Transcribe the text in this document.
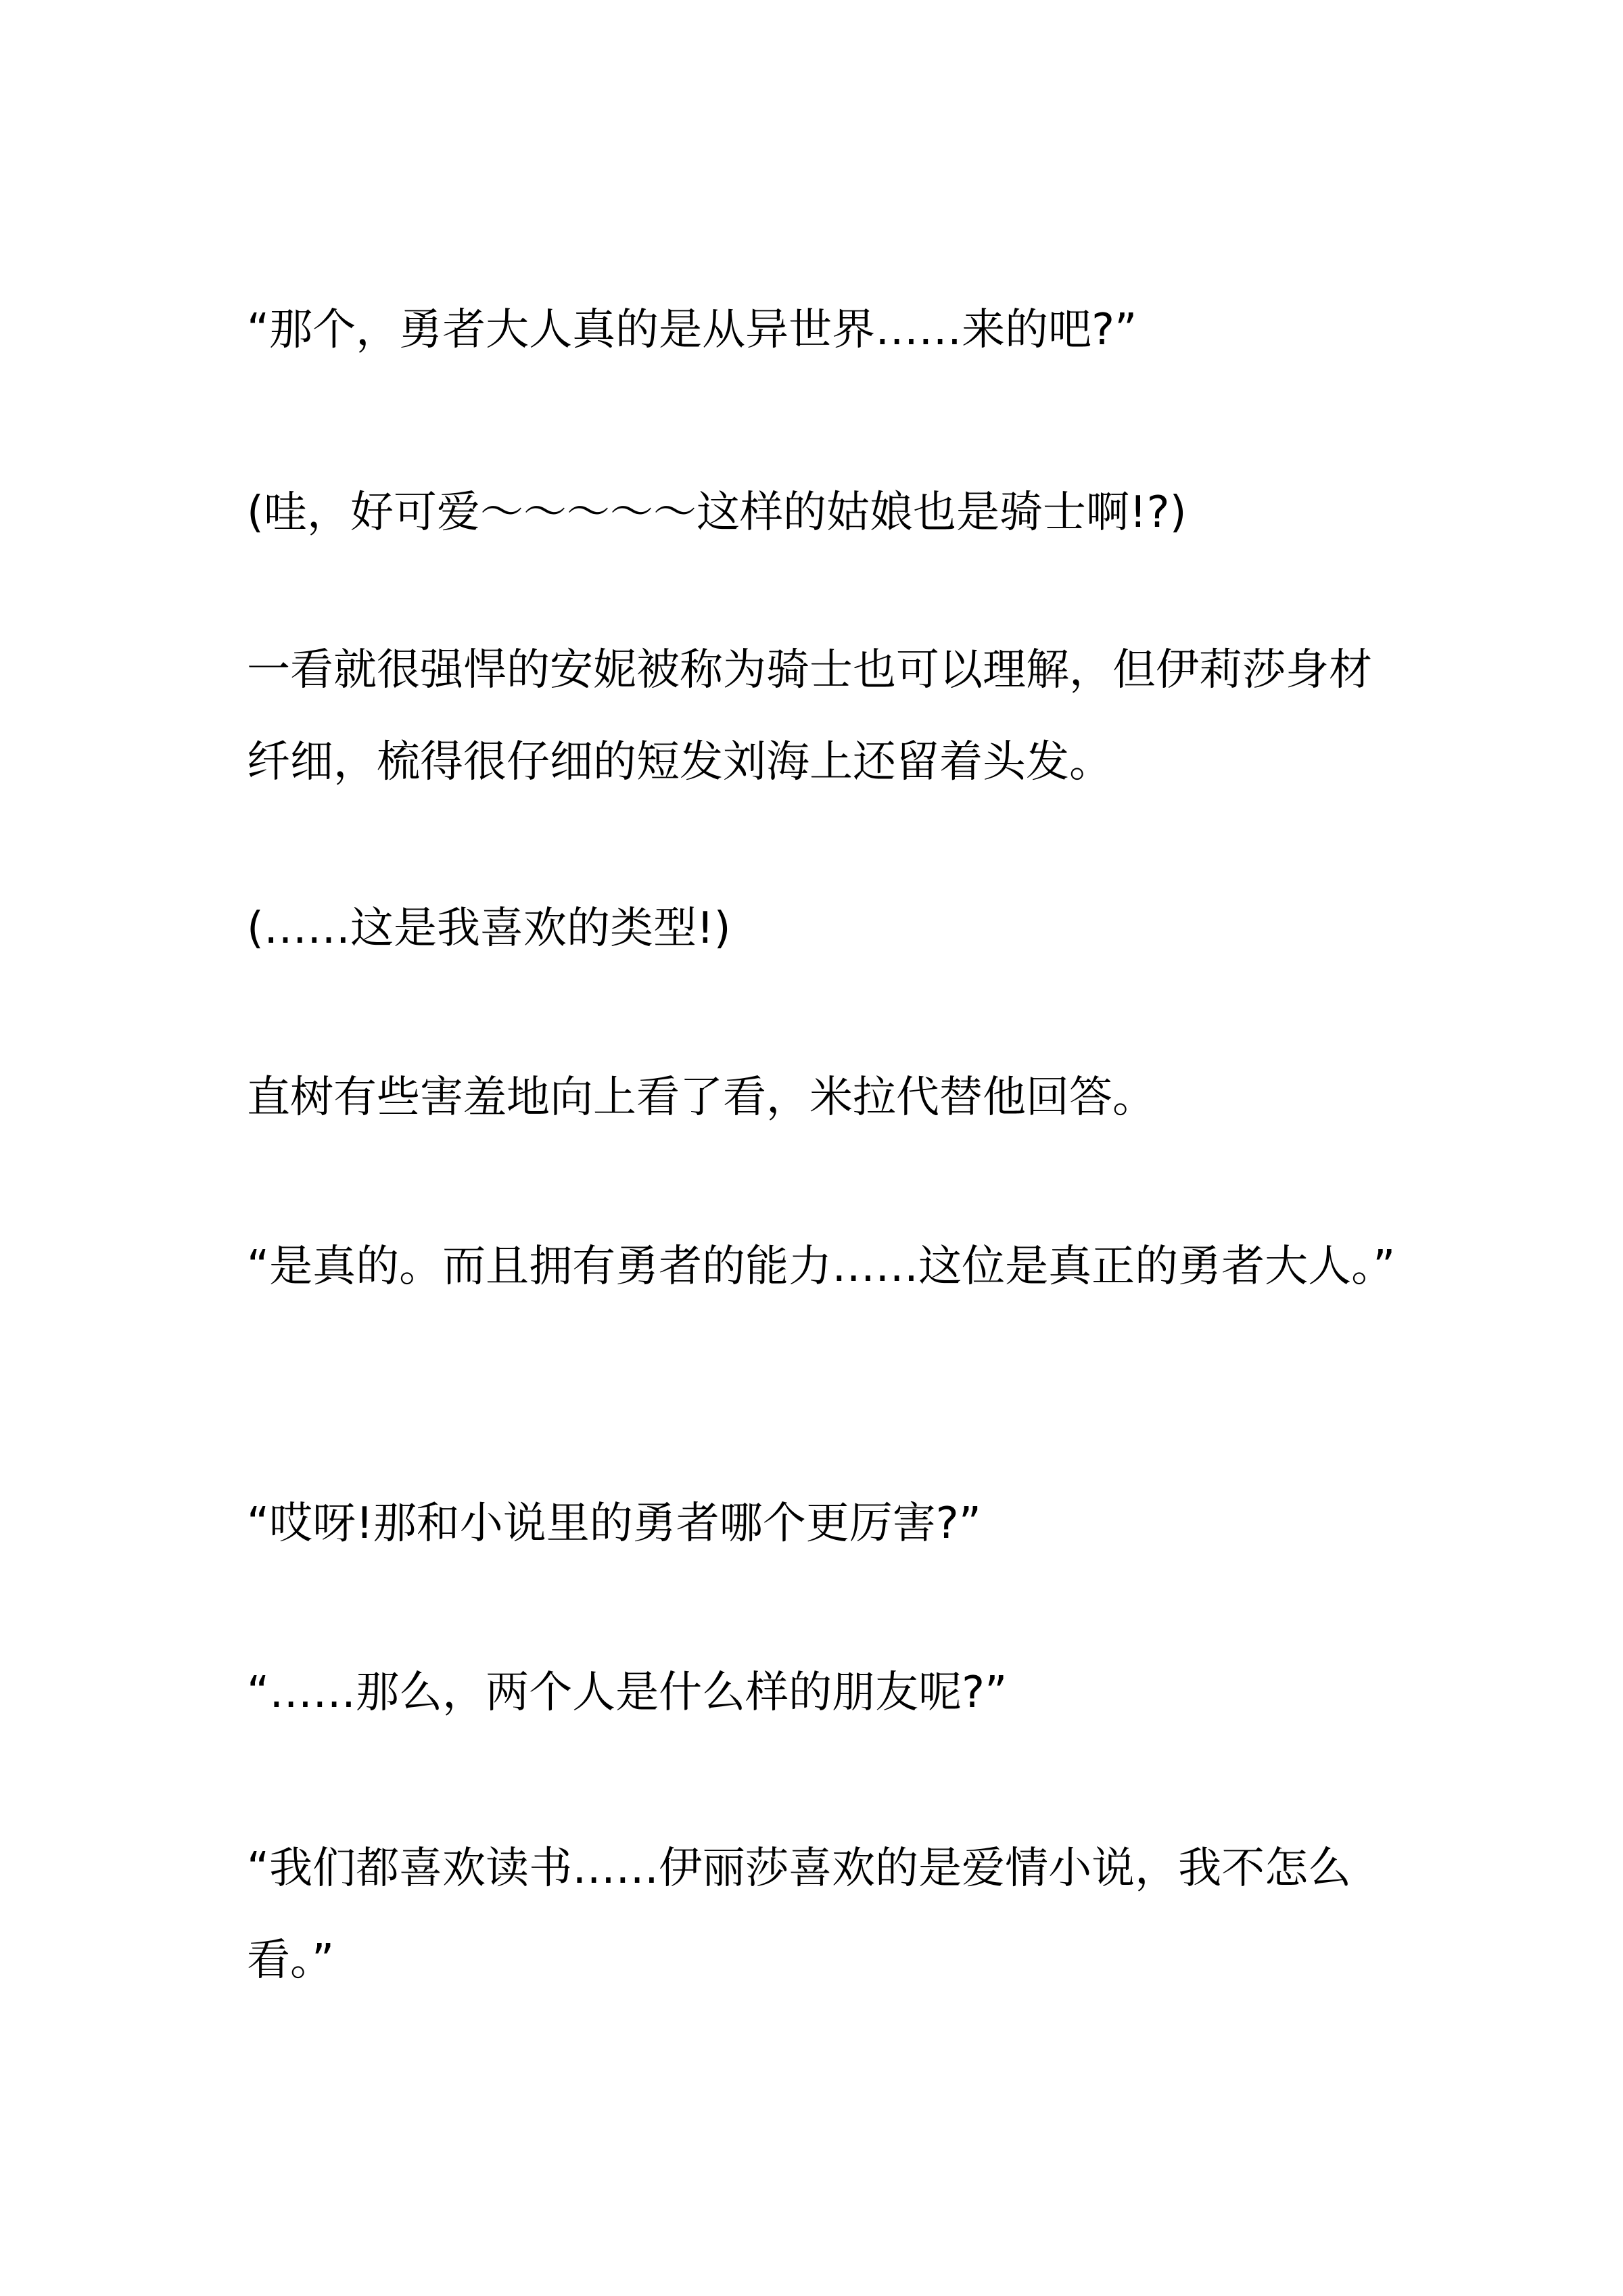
“那个，勇者大人真的是从异世界……来的吧?”

(哇，好可爱～～～～～这样的姑娘也是骑士啊!?)

一看就很强悍的安妮被称为骑士也可以理解，但伊莉莎身材纤细，梳得很仔细的短发刘海上还留着头发。

(……这是我喜欢的类型!)

直树有些害羞地向上看了看，米拉代替他回答。

“是真的。而且拥有勇者的能力……这位是真正的勇者大人。”

“哎呀!那和小说里的勇者哪个更厉害?”

“……那么，两个人是什么样的朋友呢?”

“我们都喜欢读书……伊丽莎喜欢的是爱情小说，我不怎么看。”
